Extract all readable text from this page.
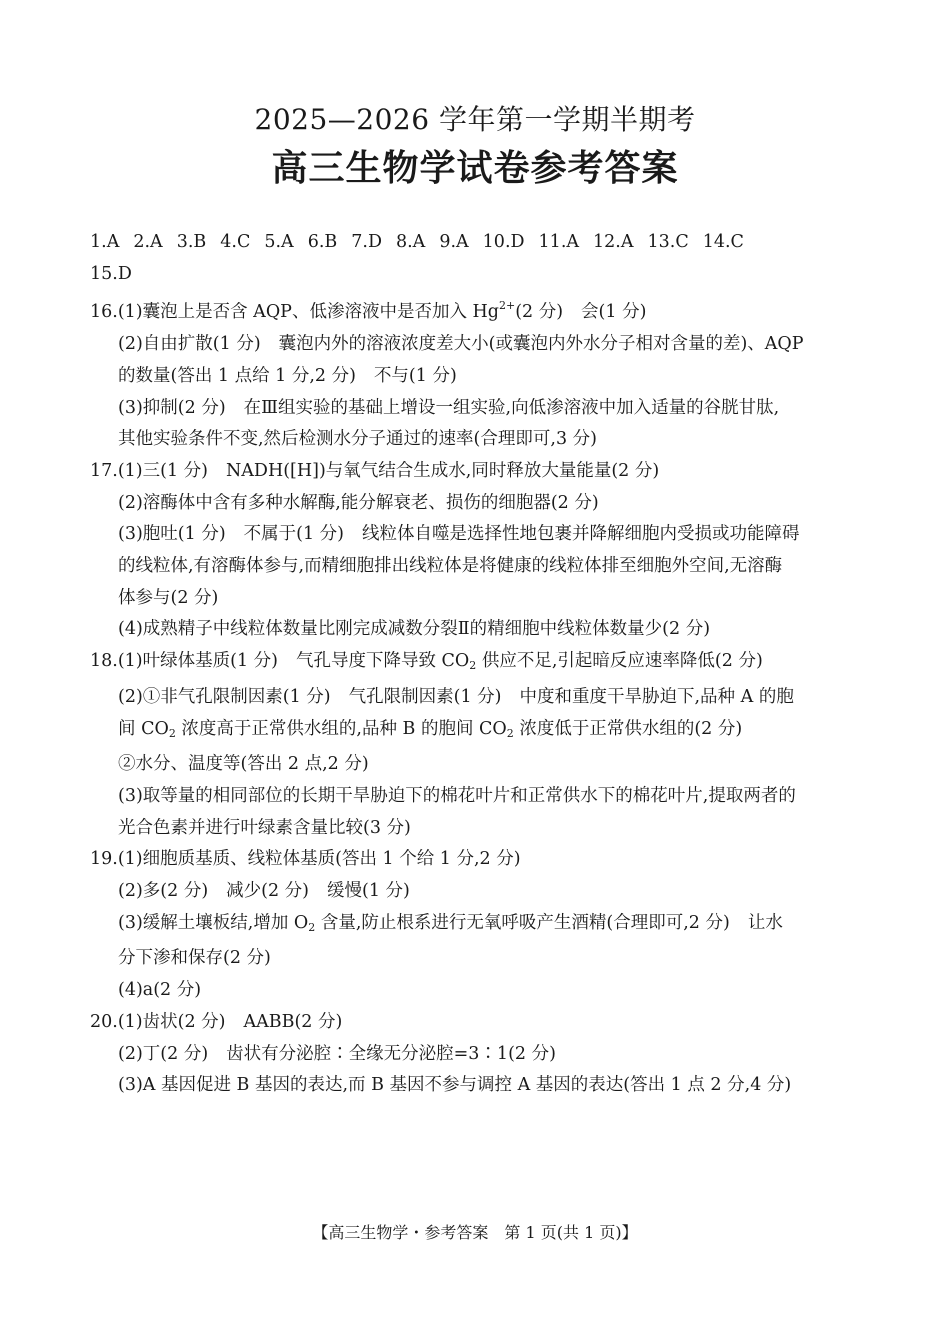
2025—2026 学年第一学期半期考
高三生物学试卷参考答案
1.A 2.A 3.B 4.C 5.A 6.B 7.D 8.A 9.A 10.D 11.A 12.A 13.C 14.C
15.D
16.(1)囊泡上是否含 AQP、低渗溶液中是否加入 $Hg^{2+}(2$ 分) 会(1 分)
(2)自由扩散(1 分) 囊泡内外的溶液浓度差大小(或囊泡内外水分子相对含量的差)、AQP
的数量(答出 1 点给 1 分,2 分) 不与(1 分)
(3)抑制(2 分) 在Ⅲ组实验的基础上增设一组实验,向低渗溶液中加入适量的谷胱甘肽,
其他实验条件不变,然后检测水分子通过的速率(合理即可,3 分)
17.(1)三(1 分) NADH([H])与氧气结合生成水,同时释放大量能量(2 分)
(2)溶酶体中含有多种水解酶,能分解衰老、损伤的细胞器(2 分)
(3)胞吐(1 分) 不属于(1 分) 线粒体自噬是选择性地包裹并降解细胞内受损或功能障碍
的线粒体,有溶酶体参与,而精细胞排出线粒体是将健康的线粒体排至细胞外空间,无溶酶
体参与(2 分)
(4)成熟精子中线粒体数量比刚完成减数分裂Ⅱ的精细胞中线粒体数量少(2 分)
18.(1)叶绿体基质(1 分) 气孔导度下降导致 $CO_2$ 供应不足,引起暗反应速率降低(2 分)
(2)①非气孔限制因素(1 分) 气孔限制因素(1 分) 中度和重度干旱胁迫下,品种 A 的胞
间 $CO_2$ 浓度高于正常供水组的,品种 B 的胞间 $CO_2$ 浓度低于正常供水组的(2 分)
②水分、温度等(答出 2 点,2 分)
(3)取等量的相同部位的长期干旱胁迫下的棉花叶片和正常供水下的棉花叶片,提取两者的
光合色素并进行叶绿素含量比较(3 分)
19.(1)细胞质基质、线粒体基质(答出 1 个给 1 分,2 分)
(2)多(2 分) 减少(2 分) 缓慢(1 分)
(3)缓解土壤板结,增加 $O_2$ 含量,防止根系进行无氧呼吸产生酒精(合理即可,2 分) 让水
分下渗和保存(2 分)
(4)a(2 分)
20.(1)齿状(2 分) AABB(2 分)
(2)丁(2 分) 齿状有分泌腔∶全缘无分泌腔=3∶1(2 分)
(3)A 基因促进 B 基因的表达,而 B 基因不参与调控 A 基因的表达(答出 1 点 2 分,4 分)
【高三生物学・参考答案　第 1 页(共 1 页)】
